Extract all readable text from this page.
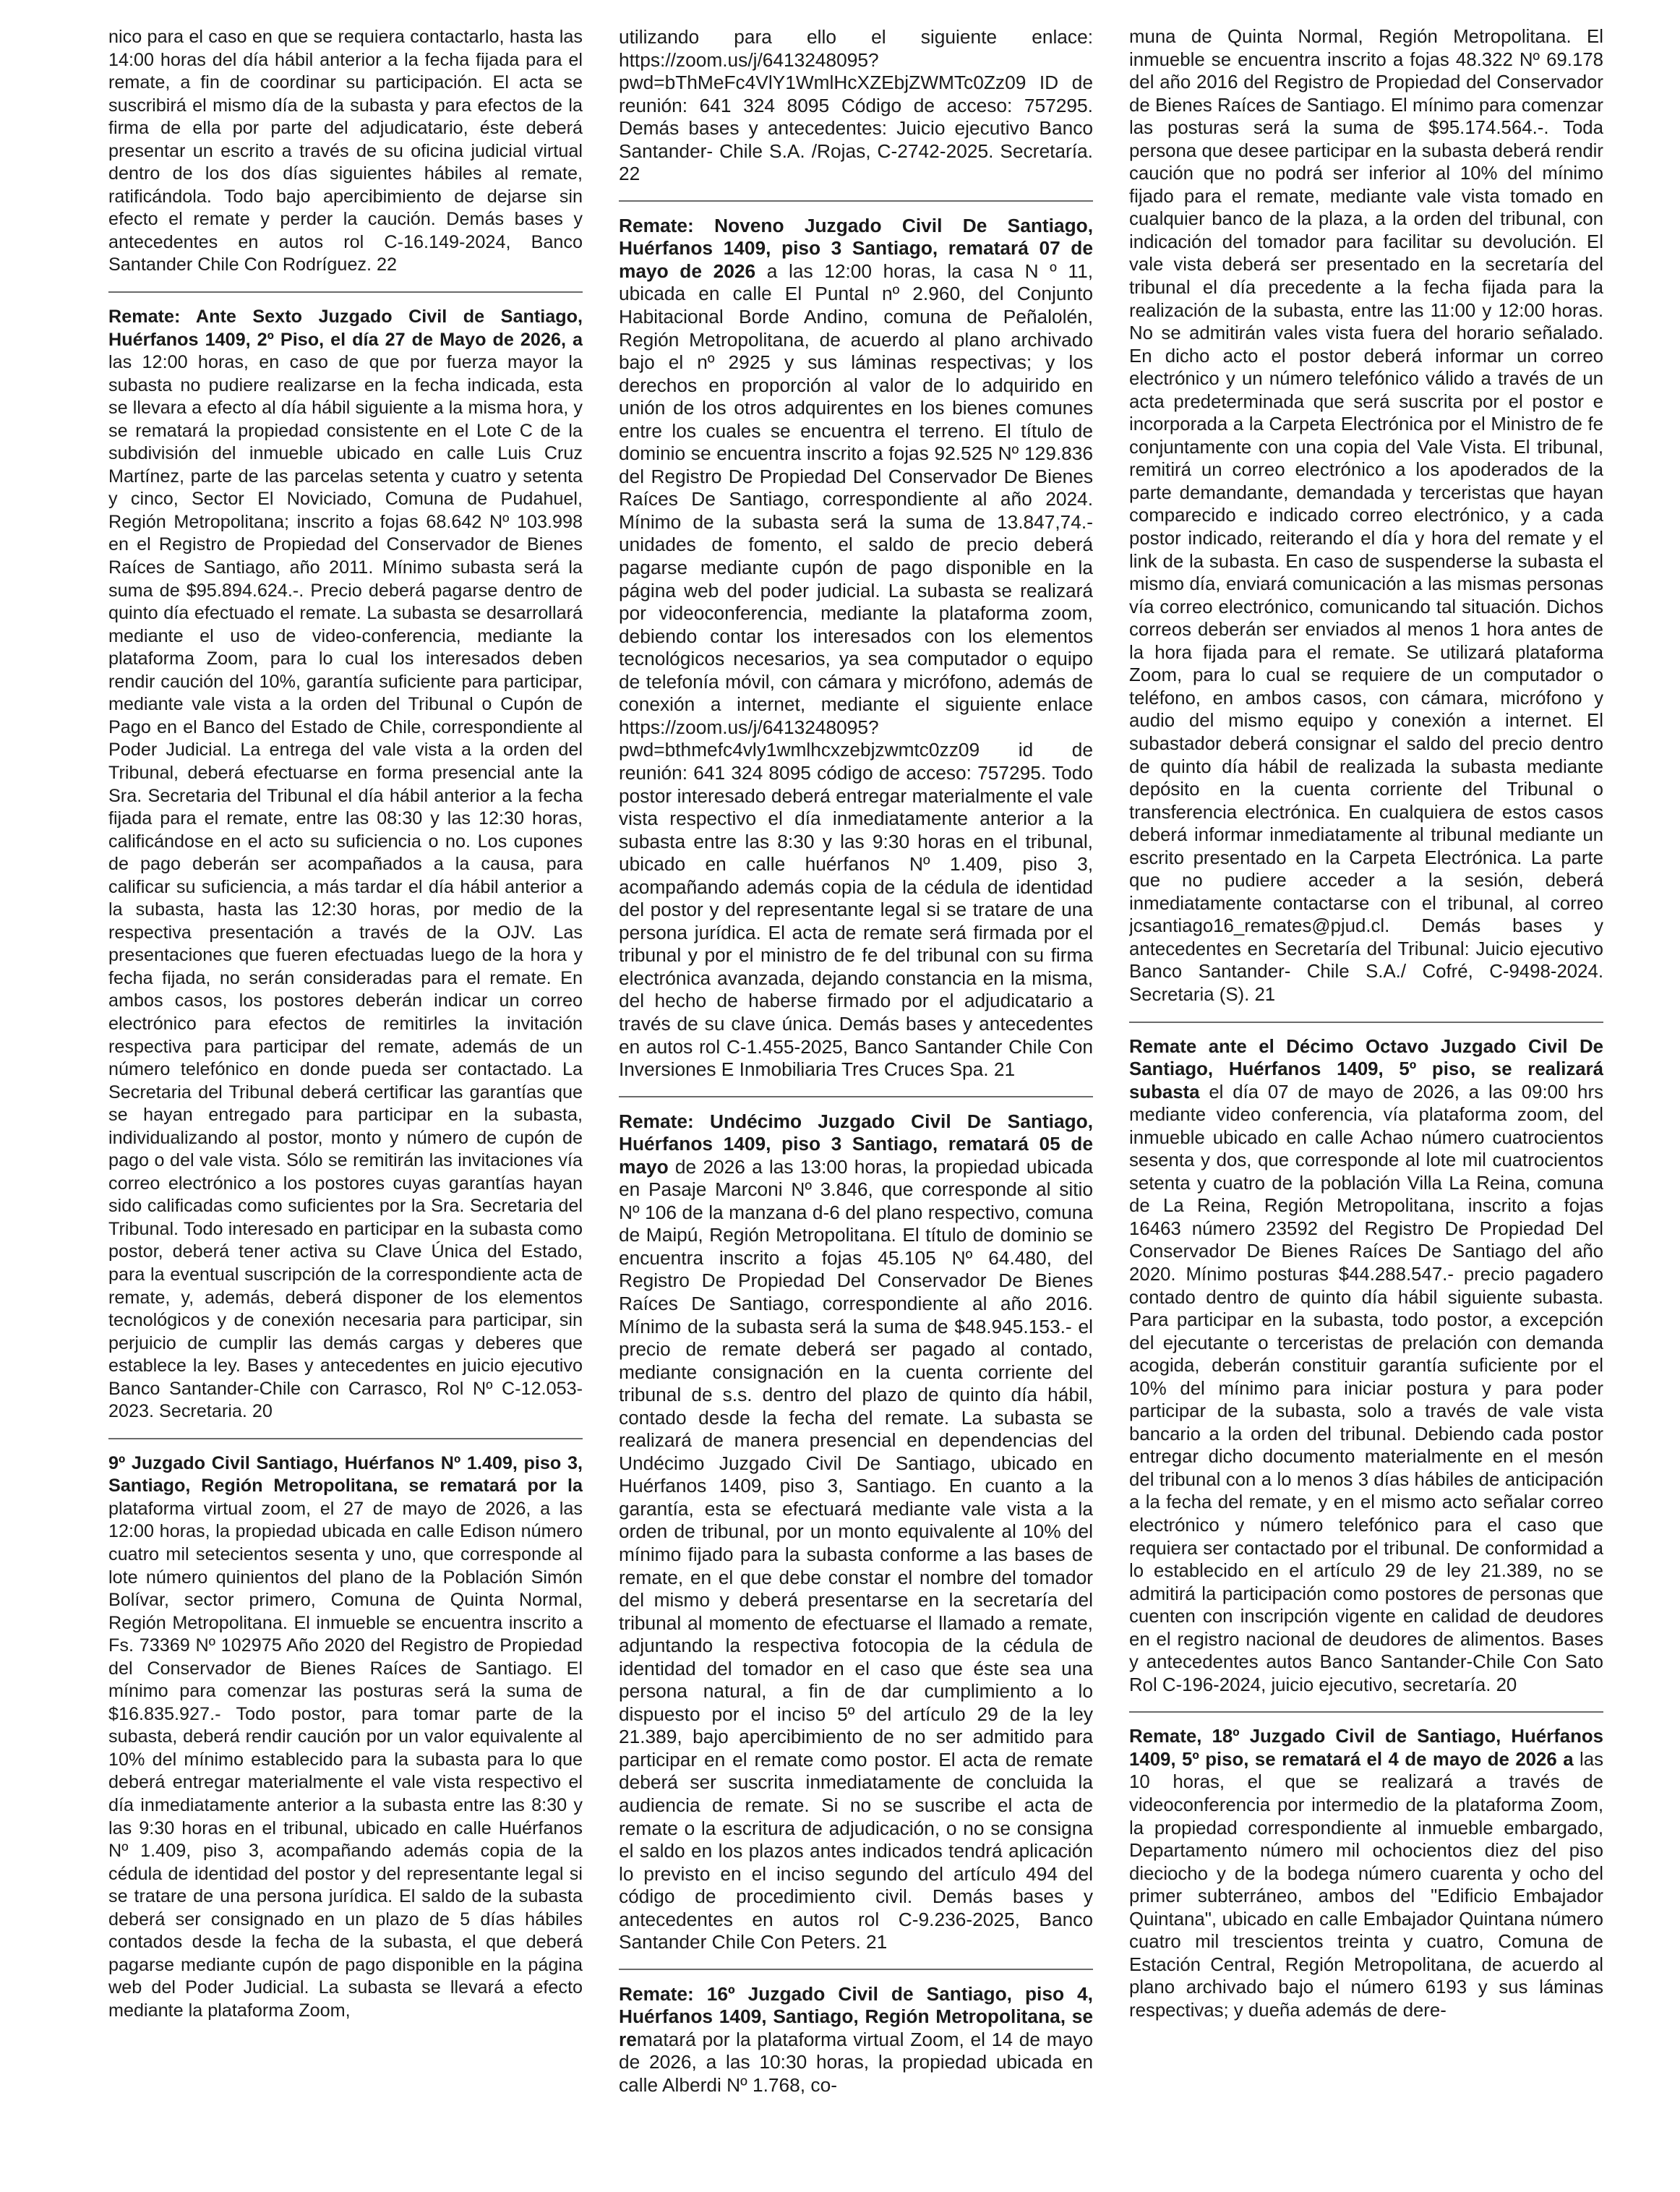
nico para el caso en que se requiera contactarlo, hasta las 14:00 horas del día hábil anterior a la fecha fijada para el remate, a fin de coordinar su participación. El acta se suscribirá el mismo día de la subasta y para efectos de la firma de ella por parte del adjudicatario, éste deberá presentar un escrito a través de su oficina judicial virtual dentro de los dos días siguientes hábiles al remate, ratificándola. Todo bajo apercibimiento de dejarse sin efecto el remate y perder la caución. Demás bases y antecedentes en autos rol C-16.149-2024, Banco Santander Chile Con Rodríguez. 22

Remate: Ante Sexto Juzgado Civil de Santiago, Huérfanos 1409, 2º Piso, el día 27 de Mayo de 2026, a las 12:00 horas, en caso de que por fuerza mayor la subasta no pudiere realizarse en la fecha indicada, esta se llevara a efecto al día hábil siguiente a la misma hora, y se rematará la propiedad consistente en el Lote C de la subdivisión del inmueble ubicado en calle Luis Cruz Martínez, parte de las parcelas setenta y cuatro y setenta y cinco, Sector El Noviciado, Comuna de Pudahuel, Región Metropolitana; inscrito a fojas 68.642 Nº 103.998 en el Registro de Propiedad del Conservador de Bienes Raíces de Santiago, año 2011. Mínimo subasta será la suma de $95.894.624.-. Precio deberá pagarse dentro de quinto día efectuado el remate. La subasta se desarrollará mediante el uso de video-conferencia, mediante la plataforma Zoom, para lo cual los interesados deben rendir caución del 10%, garantía suficiente para participar, mediante vale vista a la orden del Tribunal o Cupón de Pago en el Banco del Estado de Chile, correspondiente al Poder Judicial. La entrega del vale vista a la orden del Tribunal, deberá efectuarse en forma presencial ante la Sra. Secretaria del Tribunal el día hábil anterior a la fecha fijada para el remate, entre las 08:30 y las 12:30 horas, calificándose en el acto su suficiencia o no. Los cupones de pago deberán ser acompañados a la causa, para calificar su suficiencia, a más tardar el día hábil anterior a la subasta, hasta las 12:30 horas, por medio de la respectiva presentación a través de la OJV. Las presentaciones que fueren efectuadas luego de la hora y fecha fijada, no serán consideradas para el remate. En ambos casos, los postores deberán indicar un correo electrónico para efectos de remitirles la invitación respectiva para participar del remate, además de un número telefónico en donde pueda ser contactado. La Secretaria del Tribunal deberá certificar las garantías que se hayan entregado para participar en la subasta, individualizando al postor, monto y número de cupón de pago o del vale vista. Sólo se remitirán las invitaciones vía correo electrónico a los postores cuyas garantías hayan sido calificadas como suficientes por la Sra. Secretaria del Tribunal. Todo interesado en participar en la subasta como postor, deberá tener activa su Clave Única del Estado, para la eventual suscripción de la correspondiente acta de remate, y, además, deberá disponer de los elementos tecnológicos y de conexión necesaria para participar, sin perjuicio de cumplir las demás cargas y deberes que establece la ley. Bases y antecedentes en juicio ejecutivo Banco Santander-Chile con Carrasco, Rol Nº C-12.053-2023. Secretaria. 20

9º Juzgado Civil Santiago, Huérfanos Nº 1.409, piso 3, Santiago, Región Metropolitana, se rematará por la plataforma virtual zoom, el 27 de mayo de 2026, a las 12:00 horas, la propiedad ubicada en calle Edison número cuatro mil setecientos sesenta y uno, que corresponde al lote número quinientos del plano de la Población Simón Bolívar, sector primero, Comuna de Quinta Normal, Región Metropolitana. El inmueble se encuentra inscrito a Fs. 73369 Nº 102975 Año 2020 del Registro de Propiedad del Conservador de Bienes Raíces de Santiago. El mínimo para comenzar las posturas será la suma de $16.835.927.- Todo postor, para tomar parte de la subasta, deberá rendir caución por un valor equivalente al 10% del mínimo establecido para la subasta para lo que deberá entregar materialmente el vale vista respectivo el día inmediatamente anterior a la subasta entre las 8:30 y las 9:30 horas en el tribunal, ubicado en calle Huérfanos Nº 1.409, piso 3, acompañando además copia de la cédula de identidad del postor y del representante legal si se tratare de una persona jurídica. El saldo de la subasta deberá ser consignado en un plazo de 5 días hábiles contados desde la fecha de la subasta, el que deberá pagarse mediante cupón de pago disponible en la página web del Poder Judicial. La subasta se llevará a efecto mediante la plataforma Zoom,

utilizando para ello el siguiente enlace: https://zoom.us/j/6413248095?pwd=bThMeFc4VlY1WmlHcXZEbjZWMTc0Zz09 ID de reunión: 641 324 8095 Código de acceso: 757295. Demás bases y antecedentes: Juicio ejecutivo Banco Santander- Chile S.A. /Rojas, C-2742-2025. Secretaría. 22

Remate: Noveno Juzgado Civil De Santiago, Huérfanos 1409, piso 3 Santiago, rematará 07 de mayo de 2026 a las 12:00 horas, la casa N º 11, ubicada en calle El Puntal nº 2.960, del Conjunto Habitacional Borde Andino, comuna de Peñalolén, Región Metropolitana, de acuerdo al plano archivado bajo el nº 2925 y sus láminas respectivas; y los derechos en proporción al valor de lo adquirido en unión de los otros adquirentes en los bienes comunes entre los cuales se encuentra el terreno. El título de dominio se encuentra inscrito a fojas 92.525 Nº 129.836 del Registro De Propiedad Del Conservador De Bienes Raíces De Santiago, correspondiente al año 2024. Mínimo de la subasta será la suma de 13.847,74.- unidades de fomento, el saldo de precio deberá pagarse mediante cupón de pago disponible en la página web del poder judicial. La subasta se realizará por videoconferencia, mediante la plataforma zoom, debiendo contar los interesados con los elementos tecnológicos necesarios, ya sea computador o equipo de telefonía móvil, con cámara y micrófono, además de conexión a internet, mediante el siguiente enlace https://zoom.us/j/6413248095?pwd=bthmefc4vly1wmlhcxzebjzwmtc0zz09 id de reunión: 641 324 8095 código de acceso: 757295. Todo postor interesado deberá entregar materialmente el vale vista respectivo el día inmediatamente anterior a la subasta entre las 8:30 y las 9:30 horas en el tribunal, ubicado en calle huérfanos Nº 1.409, piso 3, acompañando además copia de la cédula de identidad del postor y del representante legal si se tratare de una persona jurídica. El acta de remate será firmada por el tribunal y por el ministro de fe del tribunal con su firma electrónica avanzada, dejando constancia en la misma, del hecho de haberse firmado por el adjudicatario a través de su clave única. Demás bases y antecedentes en autos rol C-1.455-2025, Banco Santander Chile Con Inversiones E Inmobiliaria Tres Cruces Spa. 21

Remate: Undécimo Juzgado Civil De Santiago, Huérfanos 1409, piso 3 Santiago, rematará 05 de mayo de 2026 a las 13:00 horas, la propiedad ubicada en Pasaje Marconi Nº 3.846, que corresponde al sitio Nº 106 de la manzana d-6 del plano respectivo, comuna de Maipú, Región Metropolitana. El título de dominio se encuentra inscrito a fojas 45.105 Nº 64.480, del Registro De Propiedad Del Conservador De Bienes Raíces De Santiago, correspondiente al año 2016. Mínimo de la subasta será la suma de $48.945.153.- el precio de remate deberá ser pagado al contado, mediante consignación en la cuenta corriente del tribunal de s.s. dentro del plazo de quinto día hábil, contado desde la fecha del remate. La subasta se realizará de manera presencial en dependencias del Undécimo Juzgado Civil De Santiago, ubicado en Huérfanos 1409, piso 3, Santiago. En cuanto a la garantía, esta se efectuará mediante vale vista a la orden de tribunal, por un monto equivalente al 10% del mínimo fijado para la subasta conforme a las bases de remate, en el que debe constar el nombre del tomador del mismo y deberá presentarse en la secretaría del tribunal al momento de efectuarse el llamado a remate, adjuntando la respectiva fotocopia de la cédula de identidad del tomador en el caso que éste sea una persona natural, a fin de dar cumplimiento a lo dispuesto por el inciso 5º del artículo 29 de la ley 21.389, bajo apercibimiento de no ser admitido para participar en el remate como postor. El acta de remate deberá ser suscrita inmediatamente de concluida la audiencia de remate. Si no se suscribe el acta de remate o la escritura de adjudicación, o no se consigna el saldo en los plazos antes indicados tendrá aplicación lo previsto en el inciso segundo del artículo 494 del código de procedimiento civil. Demás bases y antecedentes en autos rol C-9.236-2025, Banco Santander Chile Con Peters. 21

Remate: 16º Juzgado Civil de Santiago, piso 4, Huérfanos 1409, Santiago, Región Metropolitana, se rematará por la plataforma virtual Zoom, el 14 de mayo de 2026, a las 10:30 horas, la propiedad ubicada en calle Alberdi Nº 1.768, co-

muna de Quinta Normal, Región Metropolitana. El inmueble se encuentra inscrito a fojas 48.322 Nº 69.178 del año 2016 del Registro de Propiedad del Conservador de Bienes Raíces de Santiago. El mínimo para comenzar las posturas será la suma de $95.174.564.-. Toda persona que desee participar en la subasta deberá rendir caución que no podrá ser inferior al 10% del mínimo fijado para el remate, mediante vale vista tomado en cualquier banco de la plaza, a la orden del tribunal, con indicación del tomador para facilitar su devolución. El vale vista deberá ser presentado en la secretaría del tribunal el día precedente a la fecha fijada para la realización de la subasta, entre las 11:00 y 12:00 horas. No se admitirán vales vista fuera del horario señalado. En dicho acto el postor deberá informar un correo electrónico y un número telefónico válido a través de un acta predeterminada que será suscrita por el postor e incorporada a la Carpeta Electrónica por el Ministro de fe conjuntamente con una copia del Vale Vista. El tribunal, remitirá un correo electrónico a los apoderados de la parte demandante, demandada y terceristas que hayan comparecido e indicado correo electrónico, y a cada postor indicado, reiterando el día y hora del remate y el link de la subasta. En caso de suspenderse la subasta el mismo día, enviará comunicación a las mismas personas vía correo electrónico, comunicando tal situación. Dichos correos deberán ser enviados al menos 1 hora antes de la hora fijada para el remate. Se utilizará plataforma Zoom, para lo cual se requiere de un computador o teléfono, en ambos casos, con cámara, micrófono y audio del mismo equipo y conexión a internet. El subastador deberá consignar el saldo del precio dentro de quinto día hábil de realizada la subasta mediante depósito en la cuenta corriente del Tribunal o transferencia electrónica. En cualquiera de estos casos deberá informar inmediatamente al tribunal mediante un escrito presentado en la Carpeta Electrónica. La parte que no pudiere acceder a la sesión, deberá inmediatamente contactarse con el tribunal, al correo jcsantiago16_remates@pjud.cl. Demás bases y antecedentes en Secretaría del Tribunal: Juicio ejecutivo Banco Santander- Chile S.A./ Cofré, C-9498-2024. Secretaria (S). 21

Remate ante el Décimo Octavo Juzgado Civil De Santiago, Huérfanos 1409, 5º piso, se realizará subasta el día 07 de mayo de 2026, a las 09:00 hrs mediante video conferencia, vía plataforma zoom, del inmueble ubicado en calle Achao número cuatrocientos sesenta y dos, que corresponde al lote mil cuatrocientos setenta y cuatro de la población Villa La Reina, comuna de La Reina, Región Metropolitana, inscrito a fojas 16463 número 23592 del Registro De Propiedad Del Conservador De Bienes Raíces De Santiago del año 2020. Mínimo posturas $44.288.547.- precio pagadero contado dentro de quinto día hábil siguiente subasta. Para participar en la subasta, todo postor, a excepción del ejecutante o terceristas de prelación con demanda acogida, deberán constituir garantía suficiente por el 10% del mínimo para iniciar postura y para poder participar de la subasta, solo a través de vale vista bancario a la orden del tribunal. Debiendo cada postor entregar dicho documento materialmente en el mesón del tribunal con a lo menos 3 días hábiles de anticipación a la fecha del remate, y en el mismo acto señalar correo electrónico y número telefónico para el caso que requiera ser contactado por el tribunal. De conformidad a lo establecido en el artículo 29 de ley 21.389, no se admitirá la participación como postores de personas que cuenten con inscripción vigente en calidad de deudores en el registro nacional de deudores de alimentos. Bases y antecedentes autos Banco Santander-Chile Con Sato Rol C-196-2024, juicio ejecutivo, secretaría. 20

Remate, 18º Juzgado Civil de Santiago, Huérfanos 1409, 5º piso, se rematará el 4 de mayo de 2026 a las 10 horas, el que se realizará a través de videoconferencia por intermedio de la plataforma Zoom, la propiedad correspondiente al inmueble embargado, Departamento número mil ochocientos diez del piso dieciocho y de la bodega número cuarenta y ocho del primer subterráneo, ambos del "Edificio Embajador Quintana", ubicado en calle Embajador Quintana número cuatro mil trescientos treinta y cuatro, Comuna de Estación Central, Región Metropolitana, de acuerdo al plano archivado bajo el número 6193 y sus láminas respectivas; y dueña además de dere-
